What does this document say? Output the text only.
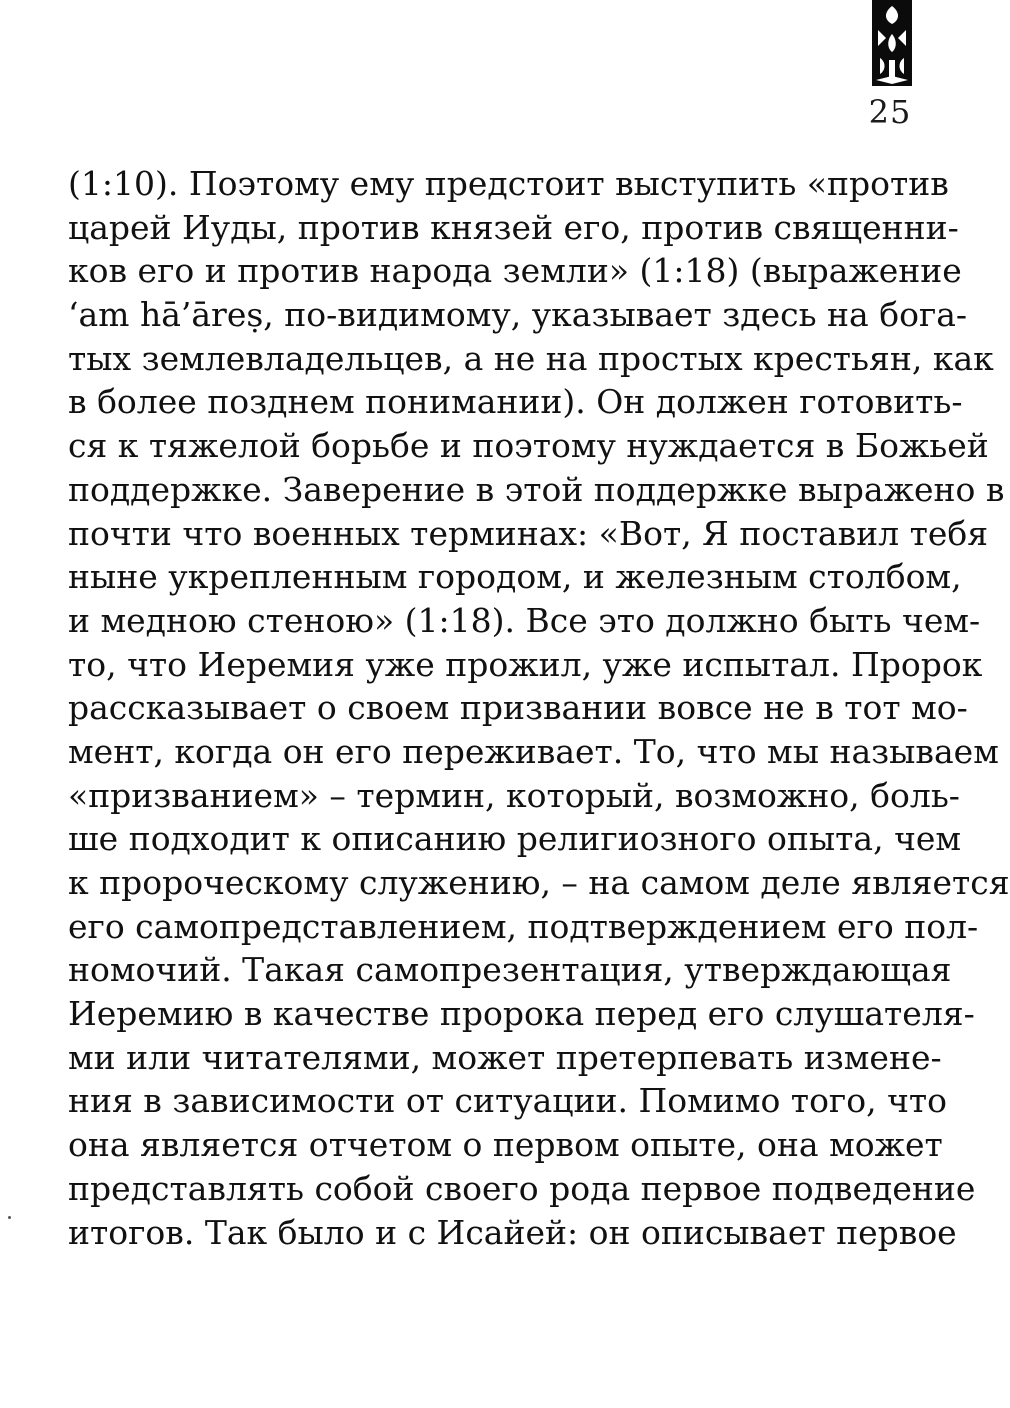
25
(1:10). Поэтому ему предстоит выступить «против
царей Иуды, против князей его, против священни-
ков его и против народа земли» (1:18) (выражение
‘am hā’āreṣ, по-видимому, указывает здесь на бога-
тых землевладельцев, а не на простых крестьян, как
в более позднем понимании). Он должен готовить-
ся к тяжелой борьбе и поэтому нуждается в Божьей
поддержке. Заверение в этой поддержке выражено в
почти что военных терминах: «Вот, Я поставил тебя
ныне укрепленным городом, и железным столбом,
и медною стеною» (1:18). Все это должно быть чем-
то, что Иеремия уже прожил, уже испытал. Пророк
рассказывает о своем призвании вовсе не в тот мо-
мент, когда он его переживает. То, что мы называем
«призванием» – термин, который, возможно, боль-
ше подходит к описанию религиозного опыта, чем
к пророческому служению, – на самом деле является
его самопредставлением, подтверждением его пол-
номочий. Такая самопрезентация, утверждающая
Иеремию в качестве пророка перед его слушателя-
ми или читателями, может претерпевать измене-
ния в зависимости от ситуации. Помимо того, что
она является отчетом о первом опыте, она может
представлять собой своего рода первое подведение
итогов. Так было и с Исайей: он описывает первое
